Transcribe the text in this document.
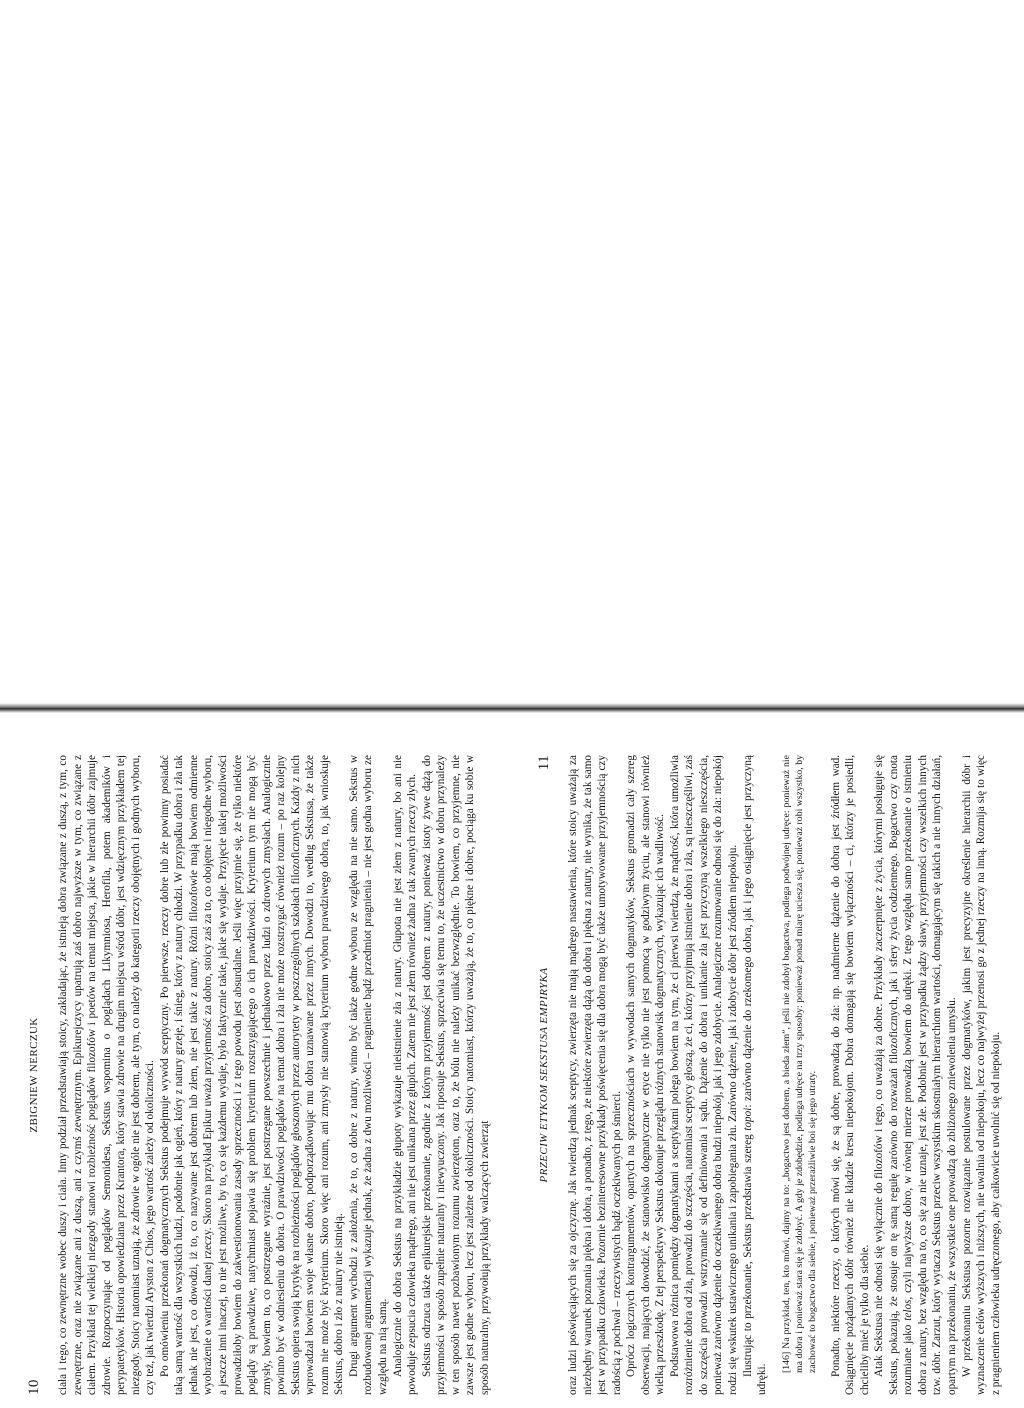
10
ZBIGNIEW NERCZUK ciała i tego, co zewnętrzne wobec duszy i ciała. Inny podział przedstawiają stoicy, zakładając, że istnieją dobra związane z duszą, z tym, co zewnętrzne, oraz nie związane ani z duszą, ani z czymś zewnętrznym. Epikurejczycy upatrują zaś dobro najwyższe w tym, co związane z ciałem. Przykład tej wielkiej niezgody stanowi rozbieżność poglądów filozofów i poetów na temat miejsca, jakie w hierarchii dóbr zajmuje zdrowie. Rozpoczynając od poglądów Semonidesa, Sekstus wspomina o poglądach Likymniosa, Herofila, potem akademików i perypatetyków. Historia opowiedziana przez Krantora, który stawia zdrowie na drugim miejscu wśród dóbr, jest wdzięcznym przykładem tej niezgody. Stoicy natomiast uznają, że zdrowie w ogóle nie jest dobrem, ale tym, co należy do kategorii rzeczy obojętnych i godnych wyboru, czy też, jak twierdzi Aryston z Chios, jego wartość zależy od okoliczności. Po omówieniu przekonań dogmatycznych Sekstus podejmuje wywód sceptyczny. Po pierwsze, rzeczy dobre lub złe powinny posiadać taką samą wartość dla wszystkich ludzi, podobnie jak ogień, który z natury grzeje, i śnieg, który z natury chłodzi. W przypadku dobra i zła tak jednak nie jest, co dowodzi, iż to, co nazywane jest dobrem lub złem, nie jest takie z natury. Różni filozofowie mają bowiem odmienne wyobrażenie o wartości danej rzeczy. Skoro na przykład Epikur uważa przyjemność za dobro, stoicy zaś za to, co obojętne i niegodne wyboru, a jeszcze inni inaczej, to nie jest możliwe, by to, co się każdemu wydaje, było faktycznie takie, jakie się wydaje. Przyjęcie takiej możliwości prowadziłoby bowiem do zakwestionowania zasady sprzeczności i z tego powodu jest absurdalne. Jeśli więc przyjmie się, że tylko niektóre poglądy są prawdziwe, natychmiast pojawia się problem kryterium rozstrzygającego o ich prawdziwości. Kryterium tym nie mogą być zmysły, bowiem to, co postrzegane wyraźnie, jest postrzegane powszechnie i jednakowo przez ludzi o zdrowych zmysłach. Analogicznie powinno być w odniesieniu do dobra. O prawdziwości poglądów na temat dobra i zła nie może rozstrzygać również rozum – po raz kolejny Sekstus opiera swoją krytykę na rozbieżności poglądów głoszonych przez autorytety w poszczególnych szkołach filozoficznych. Każdy z nich wprowadzał bowiem swoje własne dobro, podporządkowując mu dobra uznawane przez innych. Dowodzi to, według Sekstusa, że także rozum nie może być kryterium. Skoro więc ani rozum, ani zmysły nie stanowią kryterium wyboru prawdziwego dobra, to, jak wnioskuje Sekstus, dobro i zło z natury nie istnieją. Drugi argument wychodzi z założenia, że to, co dobre z natury, winno być także godne wyboru ze względu na nie samo. Sekstus w rozbudowanej argumentacji wykazuje jednak, że żadna z dwu możliwości – pragnienie bądź przedmiot pragnienia – nie jest godna wyboru ze względu na nią samą. Analogicznie do dobra Sekstus na przykładzie głupoty wykazuje nieistnienie zła z natury. Głupota nie jest złem z natury, bo ani nie powoduje zepsucia człowieka mądrego, ani nie jest unikana przez głupich. Zatem nie jest złem również żadna z tak zwanych rzeczy złych. Sekstus odrzuca także epikurejskie przekonanie, zgodnie z którym przyjemność jest dobrem z natury, ponieważ istoty żywe dążą do przyjemności w sposób zupełnie naturalny i niewyuczony. Jak ripostuje Sekstus, sprzeciwia się temu to, że uczestnictwo w dobru przynależy w ten sposób nawet pozbawionym rozumu zwierzętom, oraz to, że bólu nie należy unikać bezwzględnie. To bowiem, co przyjemne, nie zawsze jest godne wyboru, lecz jest zależne od okoliczności. Stoicy natomiast, którzy uważają, że to, co piękne i dobre, pociąga ku sobie w sposób naturalny, przywołują przykłady walczących zwierząt

PRZECIW ETYKOM SEKSTUSA EMPIRYKA
11 oraz ludzi poświęcających się za ojczyznę. Jak twierdzą jednak sceptycy, zwierzęta nie mają mądrego nastawienia, które stoicy uważają za niezbędny warunek poznania piękna i dobra, a ponadto, z tego, że niektóre zwierzęta dążą do dobra i piękna z natury, nie wynika, że tak samo jest w przypadku człowieka. Pozornie bezinteresowne przykłady poświęcenia się dla dobra mogą być także umotywowane przyjemnością czy radością z pochwał – rzeczywistych bądź oczekiwanych po śmierci. Oprócz logicznych kontrargumentów, opartych na sprzecznościach w wywodach samych dogmatyków, Sekstus gromadzi cały szereg obserwacji, mających dowodzić, że stanowisko dogmatyczne w etyce nie tylko nie jest pomocą w godziwym życiu, ale stanowi również wielką przeszkodę. Z tej perspektywy Sekstus dokonuje przeglądu różnych stanowisk dogmatycznych, wykazując ich wadliwość. Podstawowa różnica pomiędzy dogmatykami a sceptykami polega bowiem na tym, że ci pierwsi twierdzą, że mądrość, która umożliwia rozróżnienie dobra od zła, prowadzi do szczęścia, natomiast sceptycy głoszą, że ci, którzy przyjmują istnienie dobra i zła, są nieszczęśliwi, zaś do szczęścia prowadzi wstrzymanie się od definiowania i sądu. Dążenie do dobra i unikanie zła jest przyczyną wszelkiego nieszczęścia, ponieważ zarówno dążenie do oczekiwanego dobra budzi niepokój, jak i jego zdobycie. Analogiczne rozumowanie odnosi się do zła: niepokój rodzi się wskutek ustawicznego unikania i zapobiegania złu. Zarówno dążenie, jak i zdobycie dóbr jest źródłem niepokoju. Ilustrując to przekonanie, Sekstus przedstawia szereg topoi: zarówno dążenie do rzekomego dobra, jak i jego osiągnięcie jest przyczyną udręki.

[146] Na przykład, ten, kto mówi, dajmy na to: „bogactwo jest dobrem, a bieda złem”, jeśli nie zdobył bogactwa, podlega podwójnej udręce: ponieważ nie ma dobra i ponieważ stara się je zdobyć. A gdy je zdobędzie, podlega udręce na trzy sposoby: ponieważ ponad miarę uciesza się, ponieważ robi wszystko, by zachować to bogactwo dla siebie, i ponieważ przerażliwie boi się jego utraty. Ponadto, niektóre rzeczy, o których mówi się, że są dobre, prowadzą do zła: np. nadmierne dążenie do dobra jest źródłem wad. Osiągnięcie pożądanych dóbr również nie kładzie kresu niepokojom. Dobra domagają się bowiem wyłączności – ci, którzy je posiedli, chcieliby mieć je tylko dla siebie. Atak Sekstusa nie odnosi się wyłącznie do filozofów i tego, co uważają za dobre. Przykłady zaczerpnięte z życia, którymi posługuje się Sekstus, pokazują, że stosuje on tę samą regułę zarówno do rozważań filozoficznych, jak i sfery życia codziennego. Bogactwo czy cnota rozumiane jako telos, czyli najwyższe dobro, w równej mierze prowadzą bowiem do udręki. Z tego względu samo przekonanie o istnieniu dobra z natury, bez względu na to, co się za nie uznaje, jest złe. Podobnie jest w przypadku żądzy sławy, przyjemności czy wszelkich innych tzw. dóbr. Zarzut, który wytacza Sekstus przeciw wszystkim skostniałym hierarchiom wartości, domagającym się takich a nie innych działań, opartym na przekonaniu, że wszystkie one prowadzą do zbliżonego zniewolenia umysłu. W przekonaniu Sekstusa pozorne rozwiązanie postulowane przez dogmatyków, jakim jest precyzyjne określenie hierarchii dóbr i wyznaczenie celów wyższych i niższych, nie uwalnia od niepokoju, lecz co najwyżej przenosi go z jednej rzeczy na inną. Rozmija się to więc z pragnieniem człowieka udręczonego, aby całkowicie uwolnić się od niepokoju.
